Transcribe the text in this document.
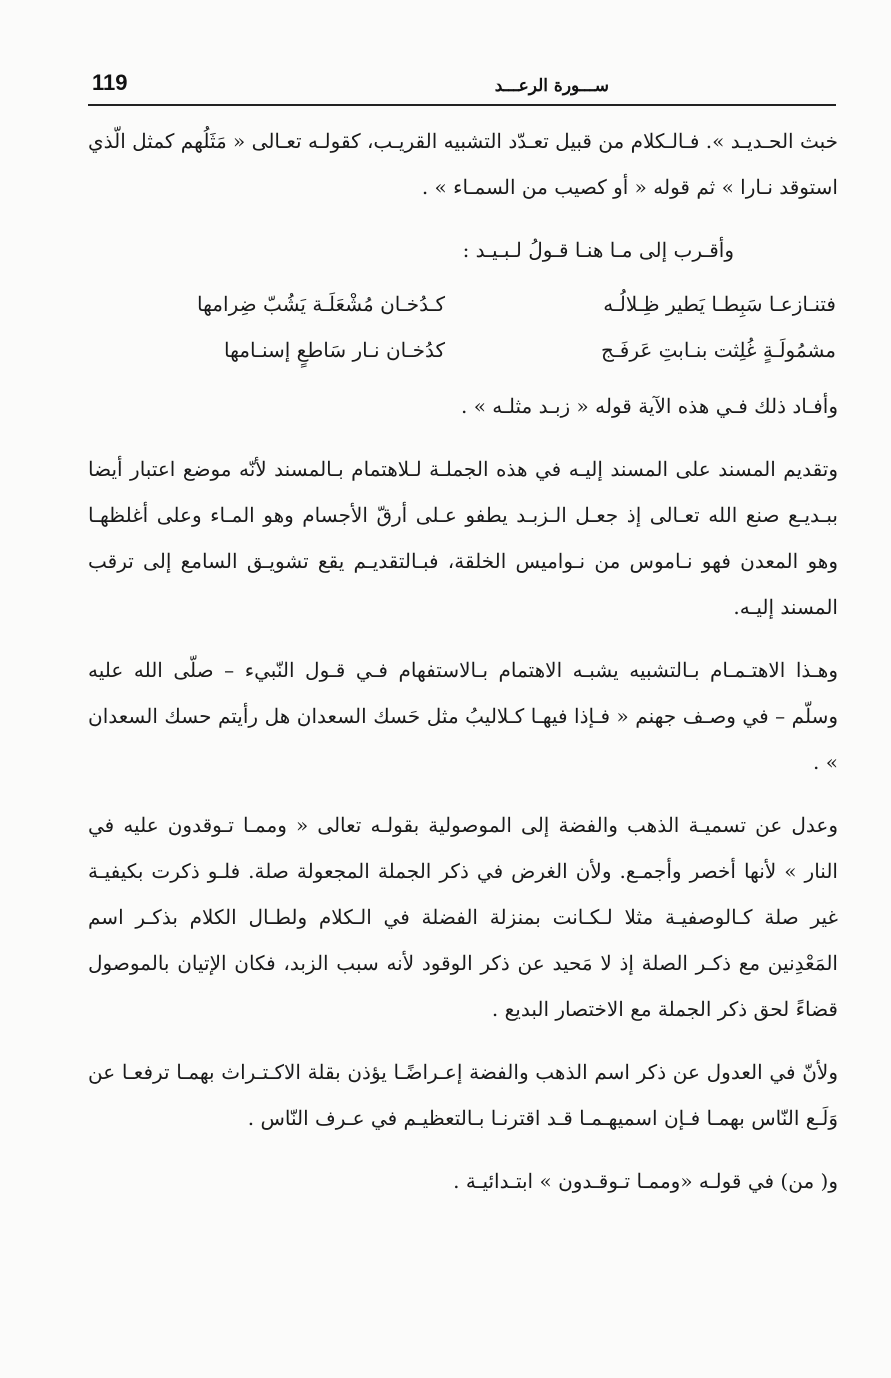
119	ســـورة الرعـــد

خبث الحـديـد ». فـالـكلام من قبيل تعـدّد التشبيه القريـب، كقولـه تعـالى « مَثَلُهم كمثل الّذي استوقد نـارا » ثم قوله « أو كصيب من السمـاء » .

وأقـرب إلى مـا هنـا قـولُ لـبـيـد :

فتنـازعـا سَبِطـا يَطير ظِـلالُـه
كـدُخـان مُشْعَلَـة يَشُبّ ضِرامها
مشمُولَـةٍ غُلِثت بنـابتِ عَرفَـج
كدُخـان نـار سَاطعٍ إسنـامها

وأفـاد ذلك فـي هذه الآية قوله « زبـد مثلـه » .

وتقديم المسند على المسند إليـه في هذه الجملـة لـلاهتمام بـالمسند لأنّه موضع اعتبار أيضا ببـديـع صنع الله تعـالى إذ جعـل الـزبـد يطفو عـلى أرقّ الأجسام وهو المـاء وعلى أغلظهـا وهو المعدن فهو نـاموس من نـواميس الخلقة، فبـالتقديـم يقع تشويـق السامع إلى ترقب المسند إليـه.

وهـذا الاهتـمـام بـالتشبيه يشبـه الاهتمام بـالاستفهام فـي قـول النّبيء – صلّى الله عليه وسلّم – في وصـف جهنم « فـإذا فيهـا كـلاليبُ مثل حَسك السعدان هل رأيتم حسك السعدان » .

وعدل عن تسميـة الذهب والفضة إلى الموصولية بقولـه تعالى « وممـا تـوقدون عليه في النار » لأنها أخصر وأجمـع. ولأن الغرض في ذكر الجملة المجعولة صلة. فلـو ذكرت بكيفيـة غير صلة كـالوصفيـة مثلا لـكـانت بمنزلة الفضلة في الـكلام ولطـال الكلام بذكـر اسم المَعْدِنين مع ذكـر الصلة إذ لا مَحيد عن ذكر الوقود لأنه سبب الزبد، فكان الإتيان بالموصول قضاءً لحق ذكر الجملة مع الاختصار البديع .

ولأنّ في العدول عن ذكر اسم الذهب والفضة إعـراضًـا يؤذن بقلة الاكـتـراث بهمـا ترفعـا عن وَلَـع النّاس بهمـا فـإن اسميهـمـا قـد اقترنـا بـالتعظيـم في عـرف النّاس .

و( من) في قولـه «وممـا تـوقـدون » ابتـدائيـة .
